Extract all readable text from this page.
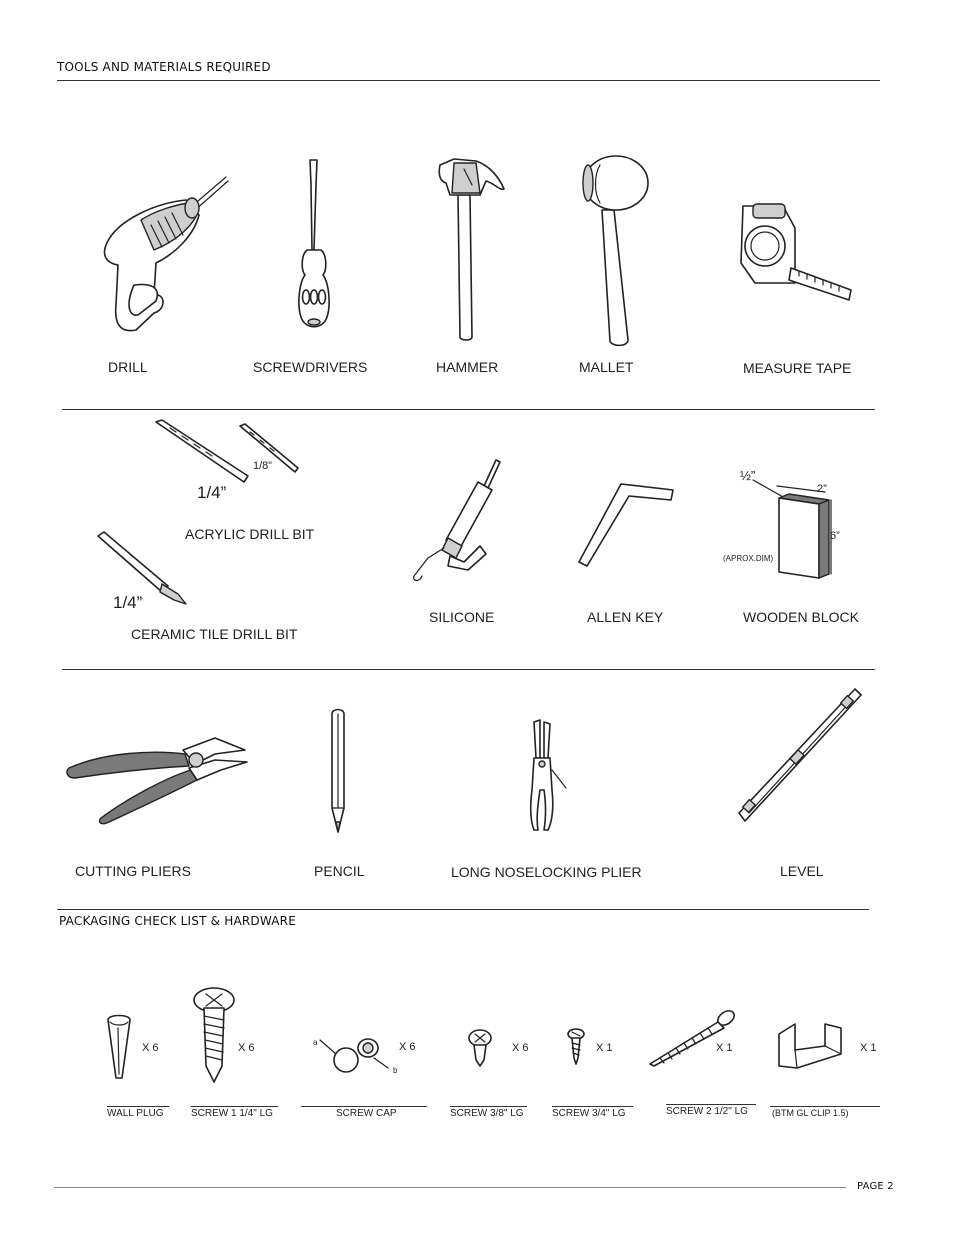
TOOLS AND MATERIALS REQUIRED
DRILL	SCREWDRIVERS	HAMMER	MALLET	MEASURE TAPE
1/8”
1/4”
ACRYLIC DRILL BIT
1/4”
CERAMIC TILE DRILL BIT
SILICONE	ALLEN KEY
½”
2”
6”
(APROX.DIM)
WOODEN BLOCK
CUTTING PLIERS	PENCIL	LONG NOSELOCKING PLIER	LEVEL
PACKAGING CHECK LIST & HARDWARE
X 6
WALL PLUG
X 6
SCREW 1 1/4" LG
a
b
X 6
SCREW CAP
X 6
SCREW 3/8" LG
X 1
SCREW 3/4" LG
X 1
SCREW 2 1/2" LG
X 1
(BTM GL CLIP 1.5)
PAGE 2
